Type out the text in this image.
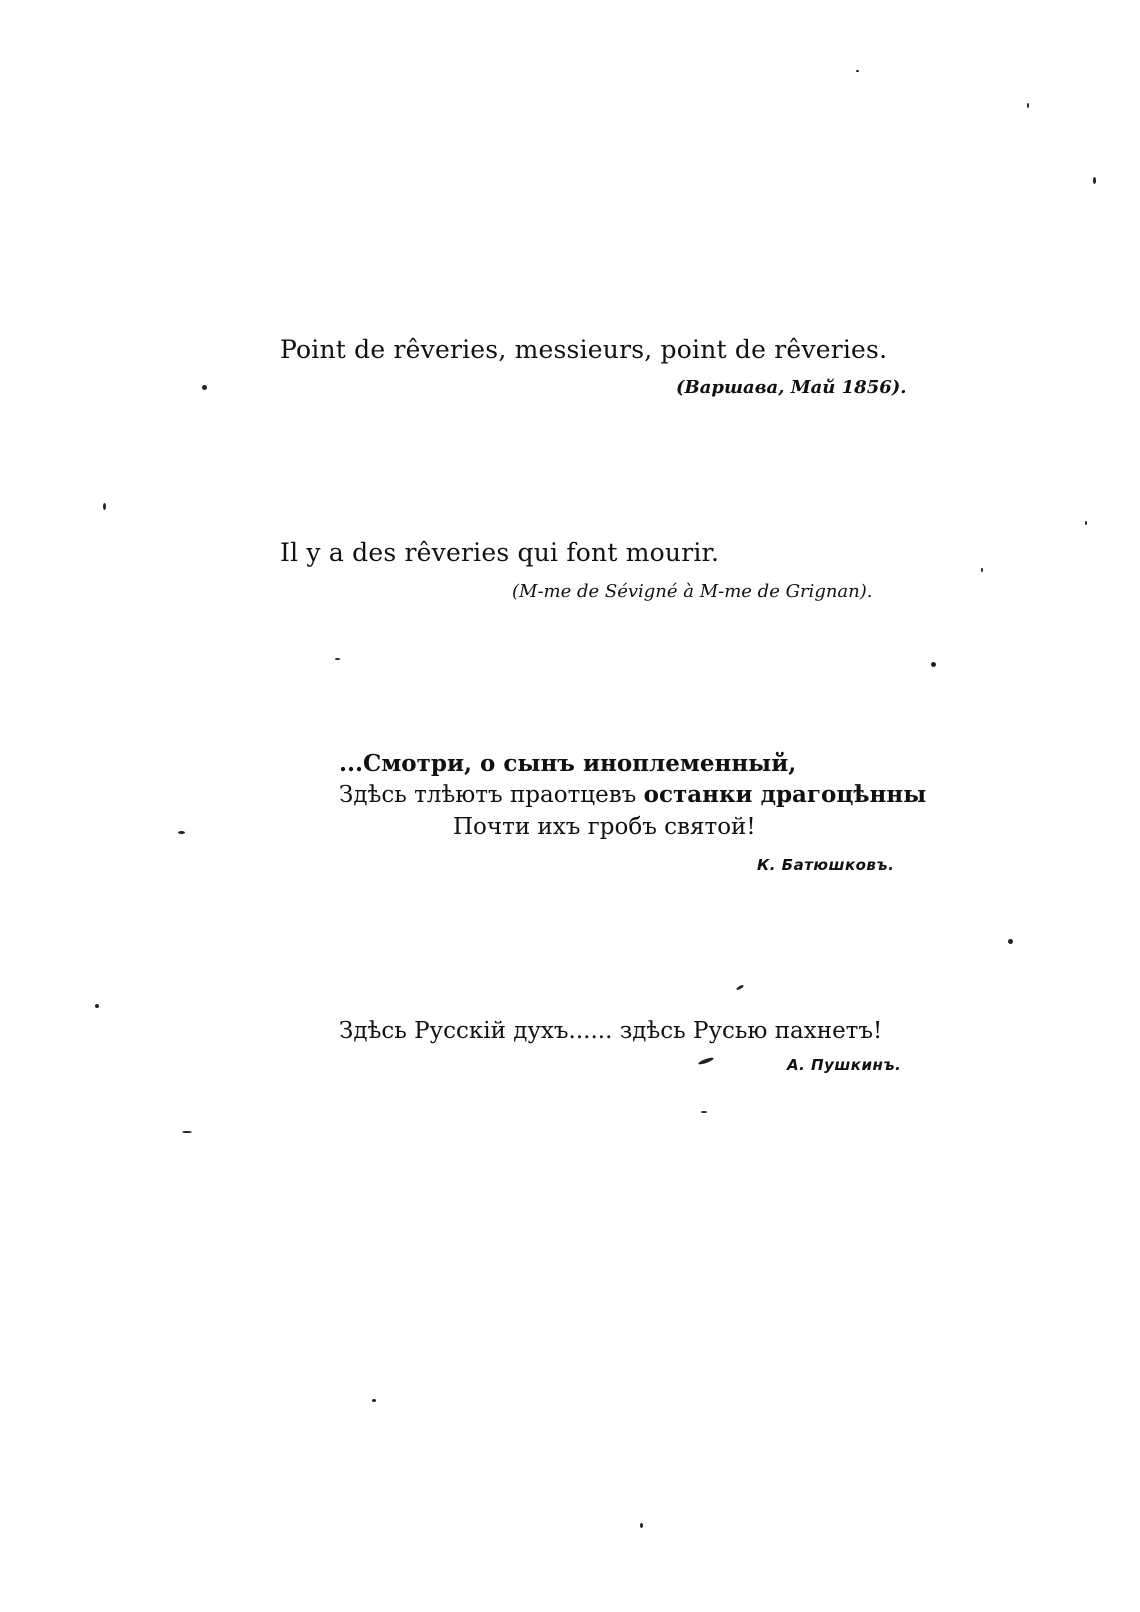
Point de rêveries, messieurs, point de rêveries.
(Варшава, Май 1856).
Il y a des rêveries qui font mourir.
(M-me de Sévigné à M-me de Grignan).
...Смотри, о сынъ иноплеменный,
Здѣсь тлѣютъ праотцевъ останки драгоцѣнны
Почти ихъ гробъ святой!
К. Батюшковъ.
Здѣсь Русскій духъ...... здѣсь Русью пахнетъ!
А. Пушкинъ.
